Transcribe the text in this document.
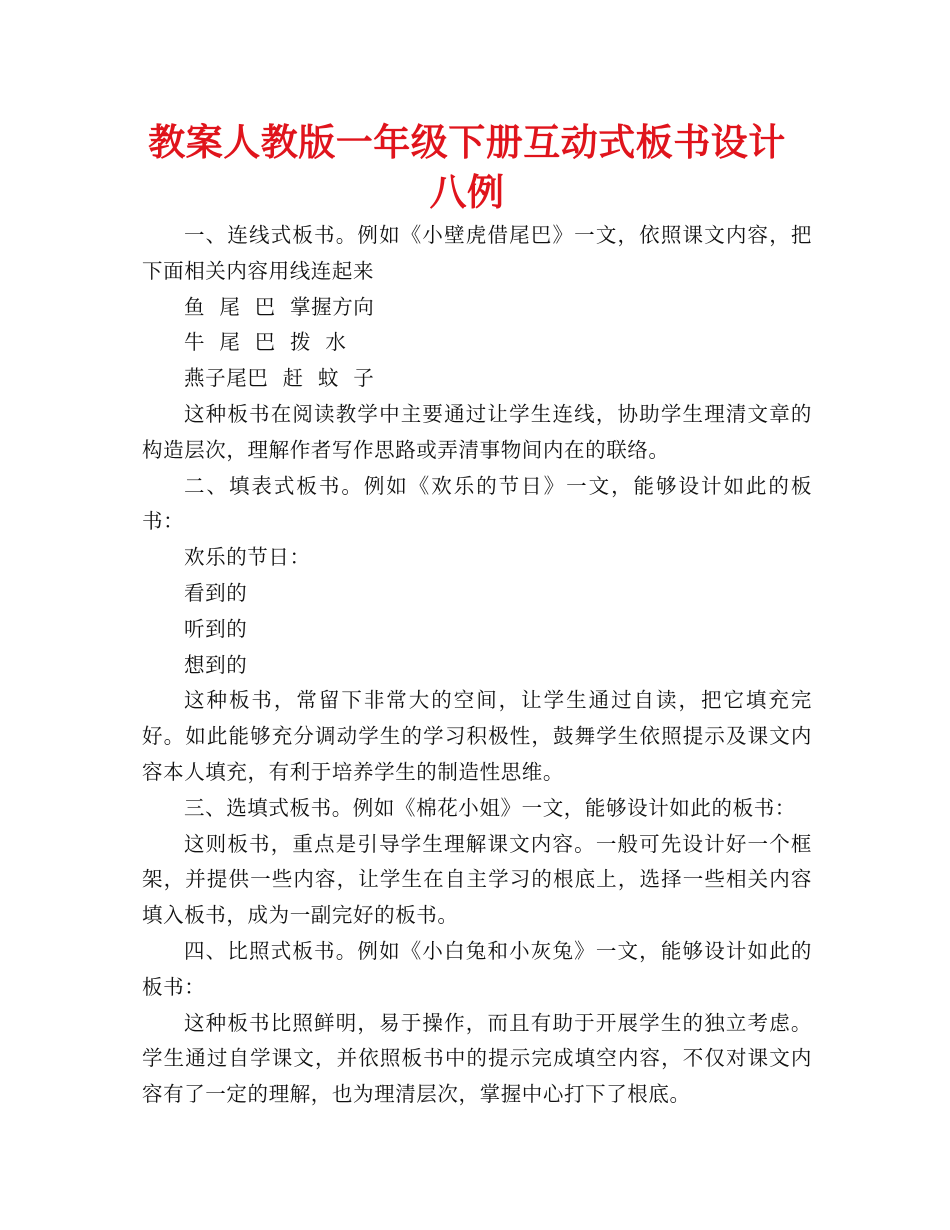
教案人教版一年级下册互动式板书设计八例

一、连线式板书。例如《小壁虎借尾巴》一文，依照课文内容，把下面相关内容用线连起来

鱼  尾  巴  掌握方向

牛  尾  巴  拨  水

燕子尾巴  赶  蚊  子

这种板书在阅读教学中主要通过让学生连线，协助学生理清文章的构造层次，理解作者写作思路或弄清事物间内在的联络。

二、填表式板书。例如《欢乐的节日》一文，能够设计如此的板书：

欢乐的节日：

看到的

听到的

想到的

这种板书，常留下非常大的空间，让学生通过自读，把它填充完好。如此能够充分调动学生的学习积极性，鼓舞学生依照提示及课文内容本人填充，有利于培养学生的制造性思维。

三、选填式板书。例如《棉花小姐》一文，能够设计如此的板书：

这则板书，重点是引导学生理解课文内容。一般可先设计好一个框架，并提供一些内容，让学生在自主学习的根底上，选择一些相关内容填入板书，成为一副完好的板书。

四、比照式板书。例如《小白兔和小灰兔》一文，能够设计如此的板书：

这种板书比照鲜明，易于操作，而且有助于开展学生的独立考虑。学生通过自学课文，并依照板书中的提示完成填空内容，不仅对课文内容有了一定的理解，也为理清层次，掌握中心打下了根底。
